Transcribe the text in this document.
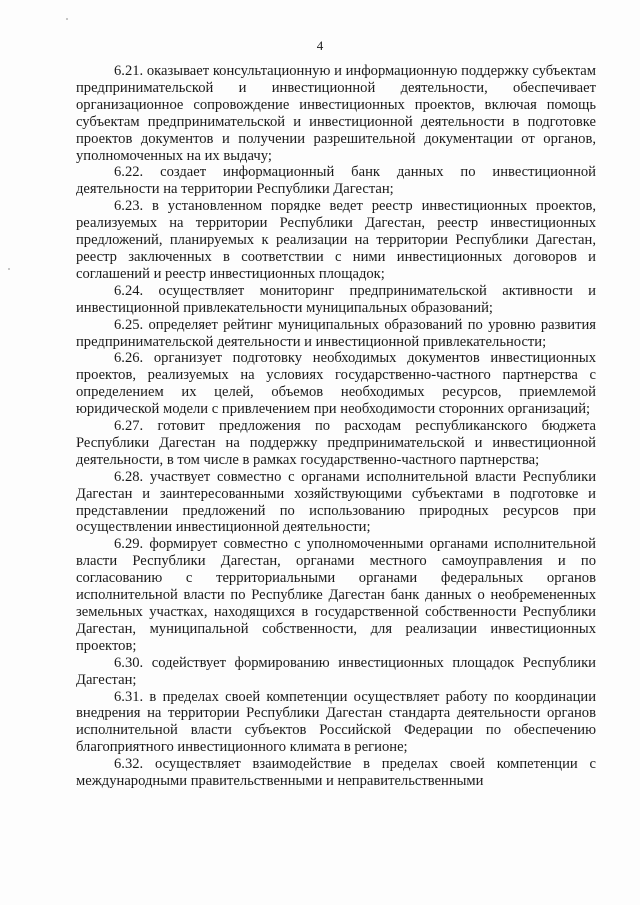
4

6.21. оказывает консультационную и информационную поддержку субъектам предпринимательской и инвестиционной деятельности, обеспечивает организационное сопровождение инвестиционных проектов, включая помощь субъектам предпринимательской и инвестиционной деятельности в подготовке проектов документов и получении разрешительной документации от органов, уполномоченных на их выдачу;

6.22. создает информационный банк данных по инвестиционной деятельности на территории Республики Дагестан;

6.23. в установленном порядке ведет реестр инвестиционных проектов, реализуемых на территории Республики Дагестан, реестр инвестиционных предложений, планируемых к реализации на территории Республики Дагестан, реестр заключенных в соответствии с ними инвестиционных договоров и соглашений и реестр инвестиционных площадок;

6.24. осуществляет мониторинг предпринимательской активности и инвестиционной привлекательности муниципальных образований;

6.25. определяет рейтинг муниципальных образований по уровню развития предпринимательской деятельности и инвестиционной привлекательности;

6.26. организует подготовку необходимых документов инвестиционных проектов, реализуемых на условиях государственно-частного партнерства с определением их целей, объемов необходимых ресурсов, приемлемой юридической модели с привлечением при необходимости сторонних организаций;

6.27. готовит предложения по расходам республиканского бюджета Республики Дагестан на поддержку предпринимательской и инвестиционной деятельности, в том числе в рамках государственно-частного партнерства;

6.28. участвует совместно с органами исполнительной власти Республики Дагестан и заинтересованными хозяйствующими субъектами в подготовке и представлении предложений по использованию природных ресурсов при осуществлении инвестиционной деятельности;

6.29. формирует совместно с уполномоченными органами исполнительной власти Республики Дагестан, органами местного самоуправления и по согласованию с территориальными органами федеральных органов исполнительной власти по Республике Дагестан банк данных о необремененных земельных участках, находящихся в государственной собственности Республики Дагестан, муниципальной собственности, для реализации инвестиционных проектов;

6.30. содействует формированию инвестиционных площадок Республики Дагестан;

6.31. в пределах своей компетенции осуществляет работу по координации внедрения на территории Республики Дагестан стандарта деятельности органов исполнительной власти субъектов Российской Федерации по обеспечению благоприятного инвестиционного климата в регионе;

6.32. осуществляет взаимодействие в пределах своей компетенции с международными правительственными и неправительственными
